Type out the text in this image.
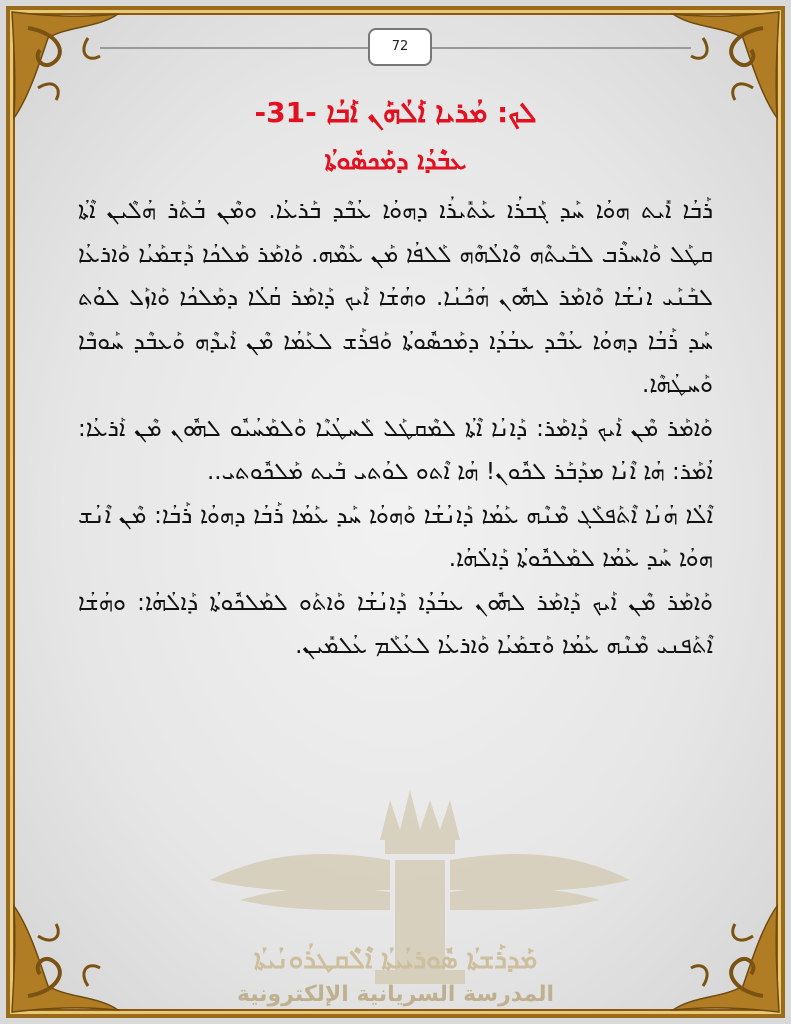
72
ܠܟ: ܡܳܪܝܐ ܐܰܠܳܗܰܢ ܐܰܒܳܐ -31-
ܥܒܶܕܳܐ ܕܡܰܟܣܽܘܬܳܐ

ܪܰܒܳܐ ܐܺܝܬ ܗܘܳܐ ܚܰܕ ܓܰܒܪܳܐ ܥܰܬܺܝܪܳܐ ܕܗܘܳܐ ܥܳܒܶܕ ܒܰܪܥܳܐ. ܘܡܶܢ ܒܳܬܰܪ ܗܳܠܶܝܢ ܐܶܬܳܐ ܩܛܰܠ ܘܰܐܚܪܶܒ ܠܒܰܝܬܶܗ ܘܶܐܠܳܗܶܗ ܠܰܠܦܳܐ ܡܰܢ ܥܰܡܶܗ. ܘܰܐܡܰܪ ܡܰܠܟܳܐ ܕܰܫܡܰܝܳܐ ܘܰܐܪܥܳܐ ܠܒܰܢܰܝ ܐܢܳܫܳܐ ܘܶܐܡܰܪ ܠܗܽܘܢ ܗܳܟܰܢܳܐ. ܘܗܳܫܳܐ ܐܰܝܟ ܕܰܐܡܰܪ ܩܳܠܳܐ ܕܡܰܠܟܳܐ ܘܰܐܙܰܠ ܠܘܳܬ ܚܰܕ ܪܰܒܳܐ ܕܗܘܳܐ ܥܳܒܶܕ ܥܒܳܕܳܐ ܕܡܰܟܣܽܘܬܳܐ ܘܰܦܪܰܫ ܠܥܰܡܳܐ ܡܶܢ ܐܰܝܕܶܗ ܘܰܥܒܶܕ ܚܰܘܒܶܐ ܘܰܚܛܳܗܶܐ.

ܘܰܐܡܰܪ ܡܶܢ ܐܰܝܟ ܕܰܐܡܰܪ: ܕܰܐܢܳܐ ܐܶܬܳܐ ܠܡܶܩܛܰܠ ܠܰܚܛܳܝܶܐ ܘܰܠܡܰܚܳܝܽܘ ܠܗܽܘܢ ܡܶܢ ܐܰܪܥܳܐ: ܐܳܡܰܪ: ܗܳܐ ܐܶܢܳܐ ܡܕܰܒܰܪ ܠܟܽܘܢ! ܗܳܐ ܐܶܬܘ ܠܘܳܬܝ ܒܰܝܬ ܡܰܠܟܽܘܬܝ..

ܐܶܠܳܐ ܗܳܢܳܐ ܐܶܬܰܦܠܰܓ ܡܶܢܶܗ ܥܰܡܳܐ ܕܰܐܢܳܫܳܐ ܘܰܗܘܳܐ ܚܰܕ ܥܰܡܳܐ ܪܰܒܳܐ ܕܗܘܳܐ ܪܰܒܳܐ: ܡܶܢ ܐܶܢܳܫ ܗܘܳܐ ܚܰܕ ܥܰܡܳܐ ܠܡܰܠܟܽܘܬܳܐ ܕܰܐܠܳܗܳܐ.

ܘܰܐܡܰܪ ܡܶܢ ܐܰܝܟ ܕܰܐܡܰܪ ܠܗܽܘܢ ܥܒܳܕܳܐ ܕܰܐܢܳܫܳܐ ܘܰܐܬܰܘ ܠܡܰܠܟܽܘܬܳܐ ܕܰܐܠܳܗܳܐ: ܘܗܳܫܳܐ ܐܶܬܰܦܢܝ ܡܶܢܶܗ ܥܰܡܳܐ ܘܰܫܡܰܝܳܐ ܘܰܐܪܥܳܐ ܠܥܳܠܰܡ ܥܳܠܡܺܝܢ.

ܡܰܕܪܰܫܬܳܐ ܣܽܘܪܝܳܝܬܳܐ ܐܶܠܶܩܛܪܳܘܢܳܝܬܳܐ
المدرسة السريانية الإلكترونية
